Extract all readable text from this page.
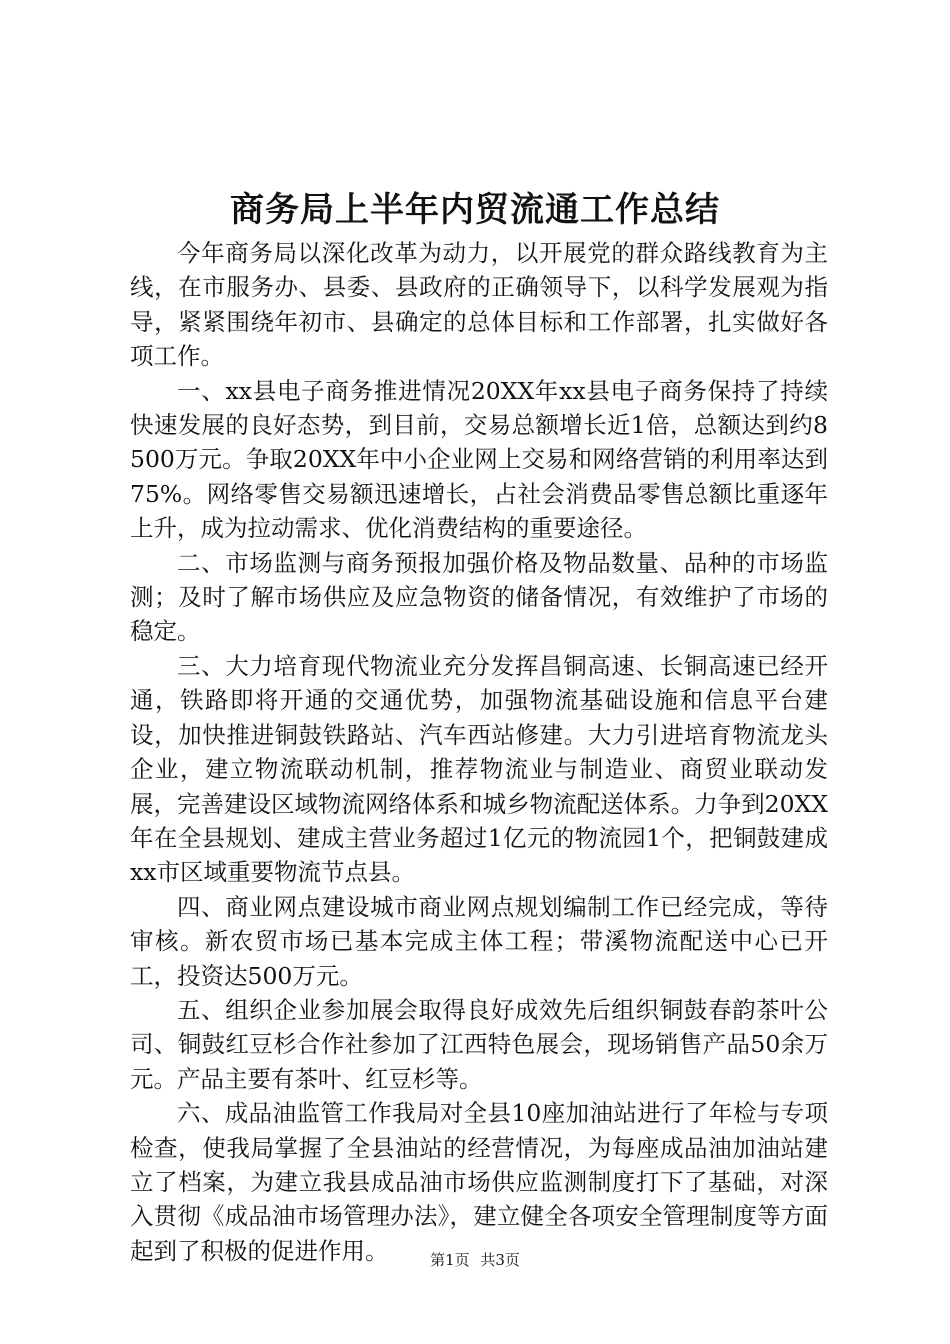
商务局上半年内贸流通工作总结

今年商务局以深化改革为动力，以开展党的群众路线教育为主线，在市服务办、县委、县政府的正确领导下，以科学发展观为指导，紧紧围绕年初市、县确定的总体目标和工作部署，扎实做好各项工作。

一、xx县电子商务推进情况20XX年xx县电子商务保持了持续快速发展的良好态势，到目前，交易总额增长近1倍，总额达到约8500万元。争取20XX年中小企业网上交易和网络营销的利用率达到75%。网络零售交易额迅速增长，占社会消费品零售总额比重逐年上升，成为拉动需求、优化消费结构的重要途径。

二、市场监测与商务预报加强价格及物品数量、品种的市场监测；及时了解市场供应及应急物资的储备情况，有效维护了市场的稳定。

三、大力培育现代物流业充分发挥昌铜高速、长铜高速已经开通，铁路即将开通的交通优势，加强物流基础设施和信息平台建设，加快推进铜鼓铁路站、汽车西站修建。大力引进培育物流龙头企业，建立物流联动机制，推荐物流业与制造业、商贸业联动发展，完善建设区域物流网络体系和城乡物流配送体系。力争到20XX年在全县规划、建成主营业务超过1亿元的物流园1个，把铜鼓建成xx市区域重要物流节点县。

四、商业网点建设城市商业网点规划编制工作已经完成，等待审核。新农贸市场已基本完成主体工程；带溪物流配送中心已开工，投资达500万元。

五、组织企业参加展会取得良好成效先后组织铜鼓春韵茶叶公司、铜鼓红豆杉合作社参加了江西特色展会，现场销售产品50余万元。产品主要有茶叶、红豆杉等。

六、成品油监管工作我局对全县10座加油站进行了年检与专项检查，使我局掌握了全县油站的经营情况，为每座成品油加油站建立了档案，为建立我县成品油市场供应监测制度打下了基础，对深入贯彻《成品油市场管理办法》，建立健全各项安全管理制度等方面起到了积极的促进作用。	第1页 共3页
